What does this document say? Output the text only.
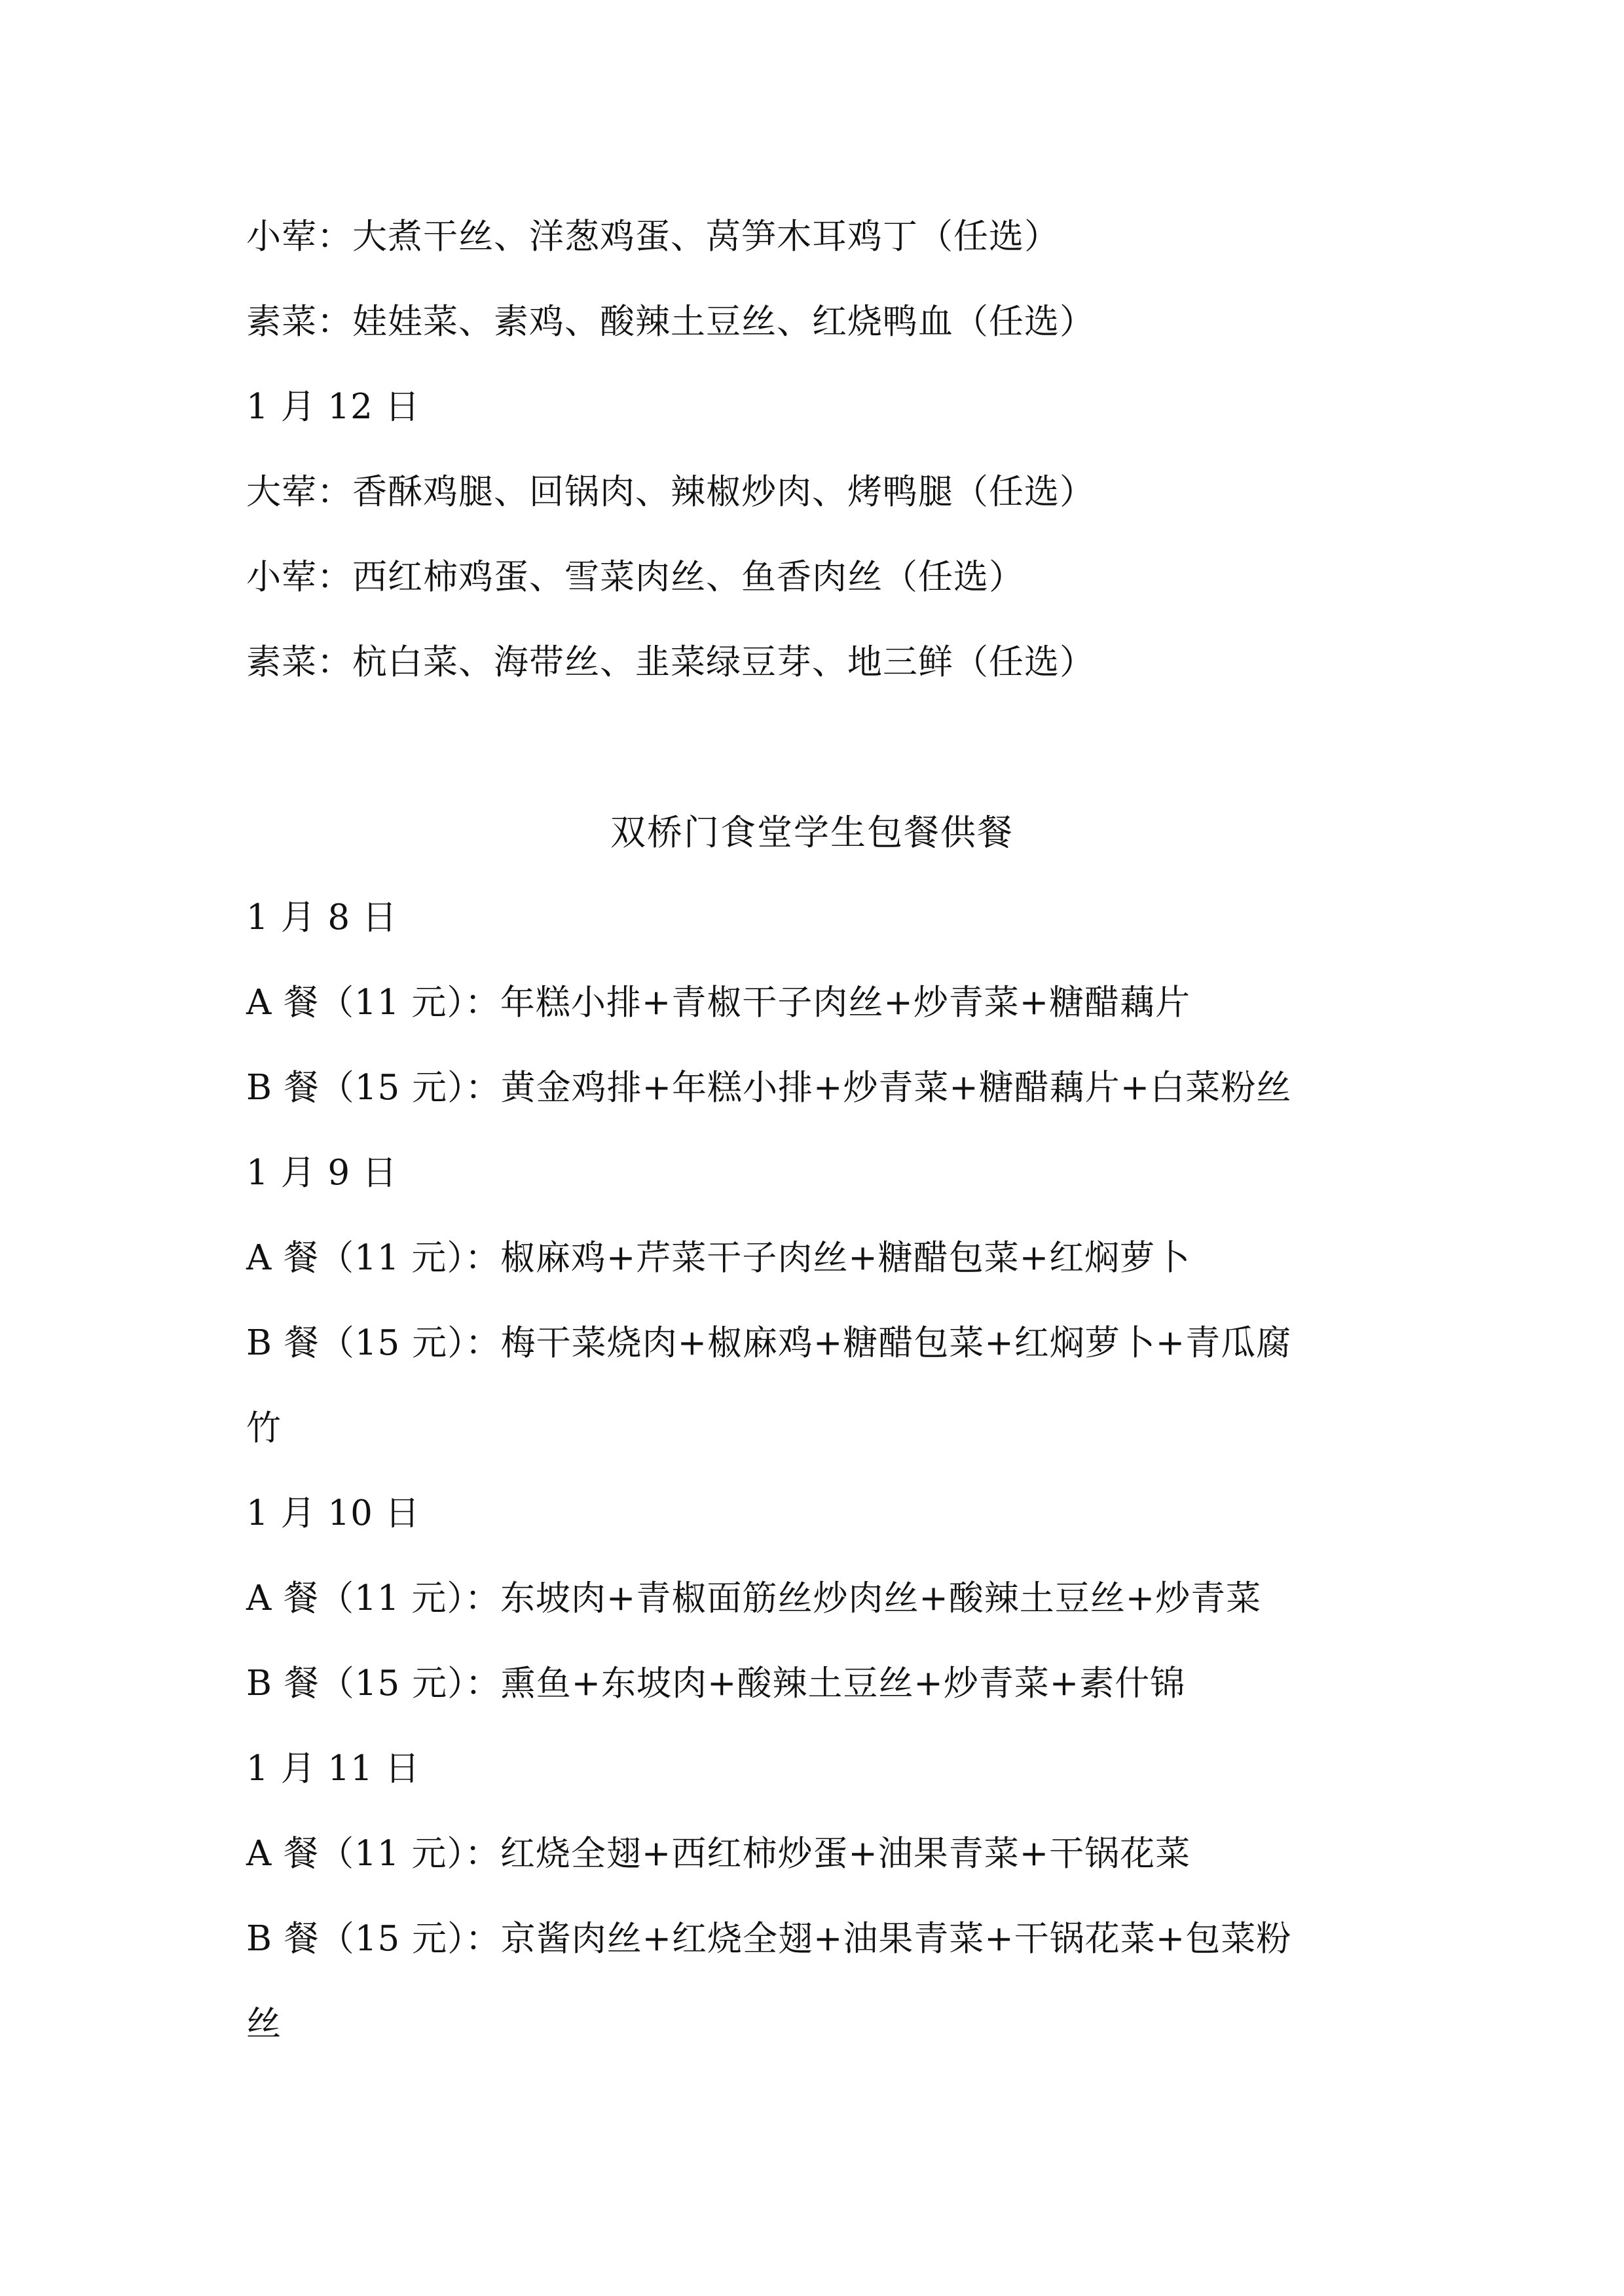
小荤：大煮干丝、洋葱鸡蛋、莴笋木耳鸡丁（任选）
素菜：娃娃菜、素鸡、酸辣土豆丝、红烧鸭血（任选）
1 月 12 日
大荤：香酥鸡腿、回锅肉、辣椒炒肉、烤鸭腿（任选）
小荤：西红柿鸡蛋、雪菜肉丝、鱼香肉丝（任选）
素菜：杭白菜、海带丝、韭菜绿豆芽、地三鲜（任选）
双桥门食堂学生包餐供餐
1 月 8 日
A 餐（11 元）：年糕小排+青椒干子肉丝+炒青菜+糖醋藕片
B 餐（15 元）：黄金鸡排+年糕小排+炒青菜+糖醋藕片+白菜粉丝
1 月 9 日
A 餐（11 元）：椒麻鸡+芹菜干子肉丝+糖醋包菜+红焖萝卜
B 餐（15 元）：梅干菜烧肉+椒麻鸡+糖醋包菜+红焖萝卜+青瓜腐
竹
1 月 10 日
A 餐（11 元）：东坡肉+青椒面筋丝炒肉丝+酸辣土豆丝+炒青菜
B 餐（15 元）：熏鱼+东坡肉+酸辣土豆丝+炒青菜+素什锦
1 月 11 日
A 餐（11 元）：红烧全翅+西红柿炒蛋+油果青菜+干锅花菜
B 餐（15 元）：京酱肉丝+红烧全翅+油果青菜+干锅花菜+包菜粉
丝
